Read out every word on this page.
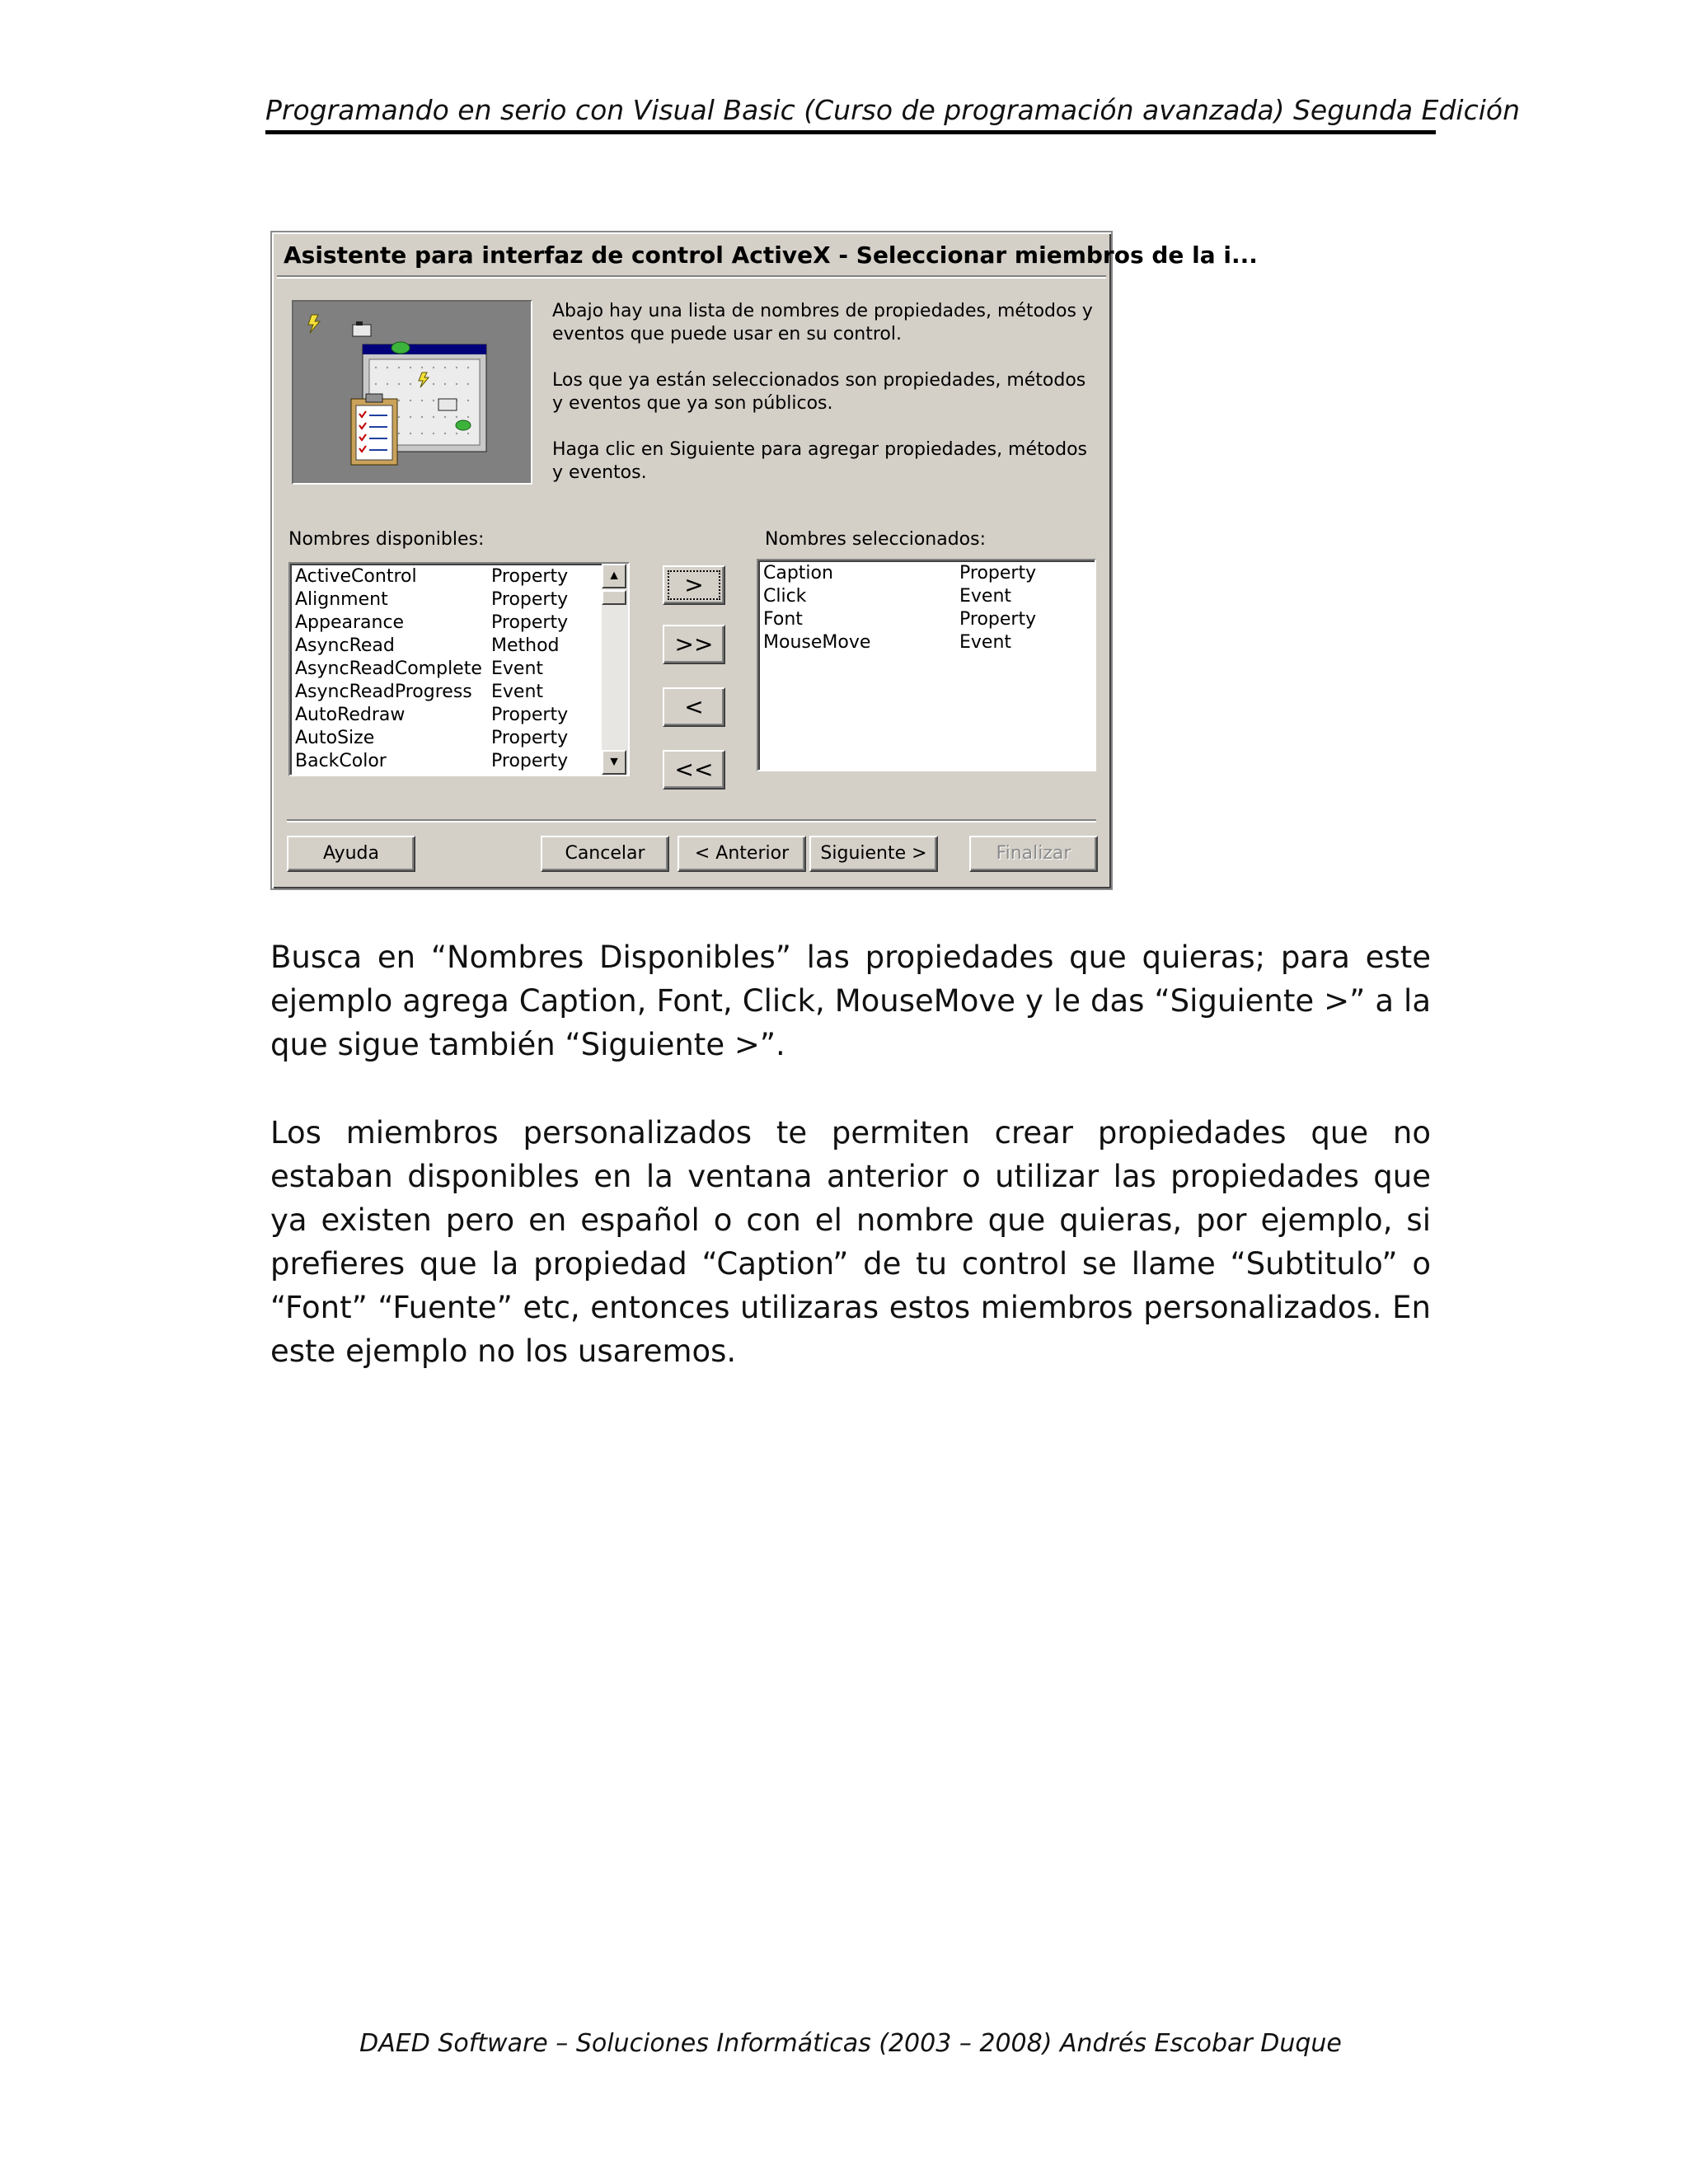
Programando en serio con Visual Basic (Curso de programación avanzada) Segunda Edición
Asistente para interfaz de control ActiveX - Seleccionar miembros de la i...

Abajo hay una lista de nombres de propiedades, métodos y eventos que puede usar en su control.

Los que ya están seleccionados son propiedades, métodos y eventos que ya son públicos.

Haga clic en Siguiente para agregar propiedades, métodos y eventos.

Nombres disponibles:	Nombres seleccionados:
ActiveControl	Property
Alignment	Property
Appearance	Property
AsyncRead	Method
AsyncReadComplete Event
AsyncReadProgress Event
AutoRedraw	Property
AutoSize	Property
BackColor	Property
▲
▼
>
>>
<
<<
Caption	Property
Click	Event
Font	Property
MouseMove	Event
Ayuda	Cancelar	< Anterior	Siguiente >	Finalizar

Busca en “Nombres Disponibles” las propiedades que quieras; para este ejemplo agrega Caption, Font, Click, MouseMove y le das “Siguiente >” a la que sigue también “Siguiente >”.

Los miembros personalizados te permiten crear propiedades que no estaban disponibles en la ventana anterior o utilizar las propiedades que ya existen pero en español o con el nombre que quieras, por ejemplo, si prefieres que la propiedad “Caption” de tu control se llame “Subtitulo” o “Font” “Fuente” etc, entonces utilizaras estos miembros personalizados. En este ejemplo no los usaremos.

DAED Software – Soluciones Informáticas (2003 – 2008) Andrés Escobar Duque
